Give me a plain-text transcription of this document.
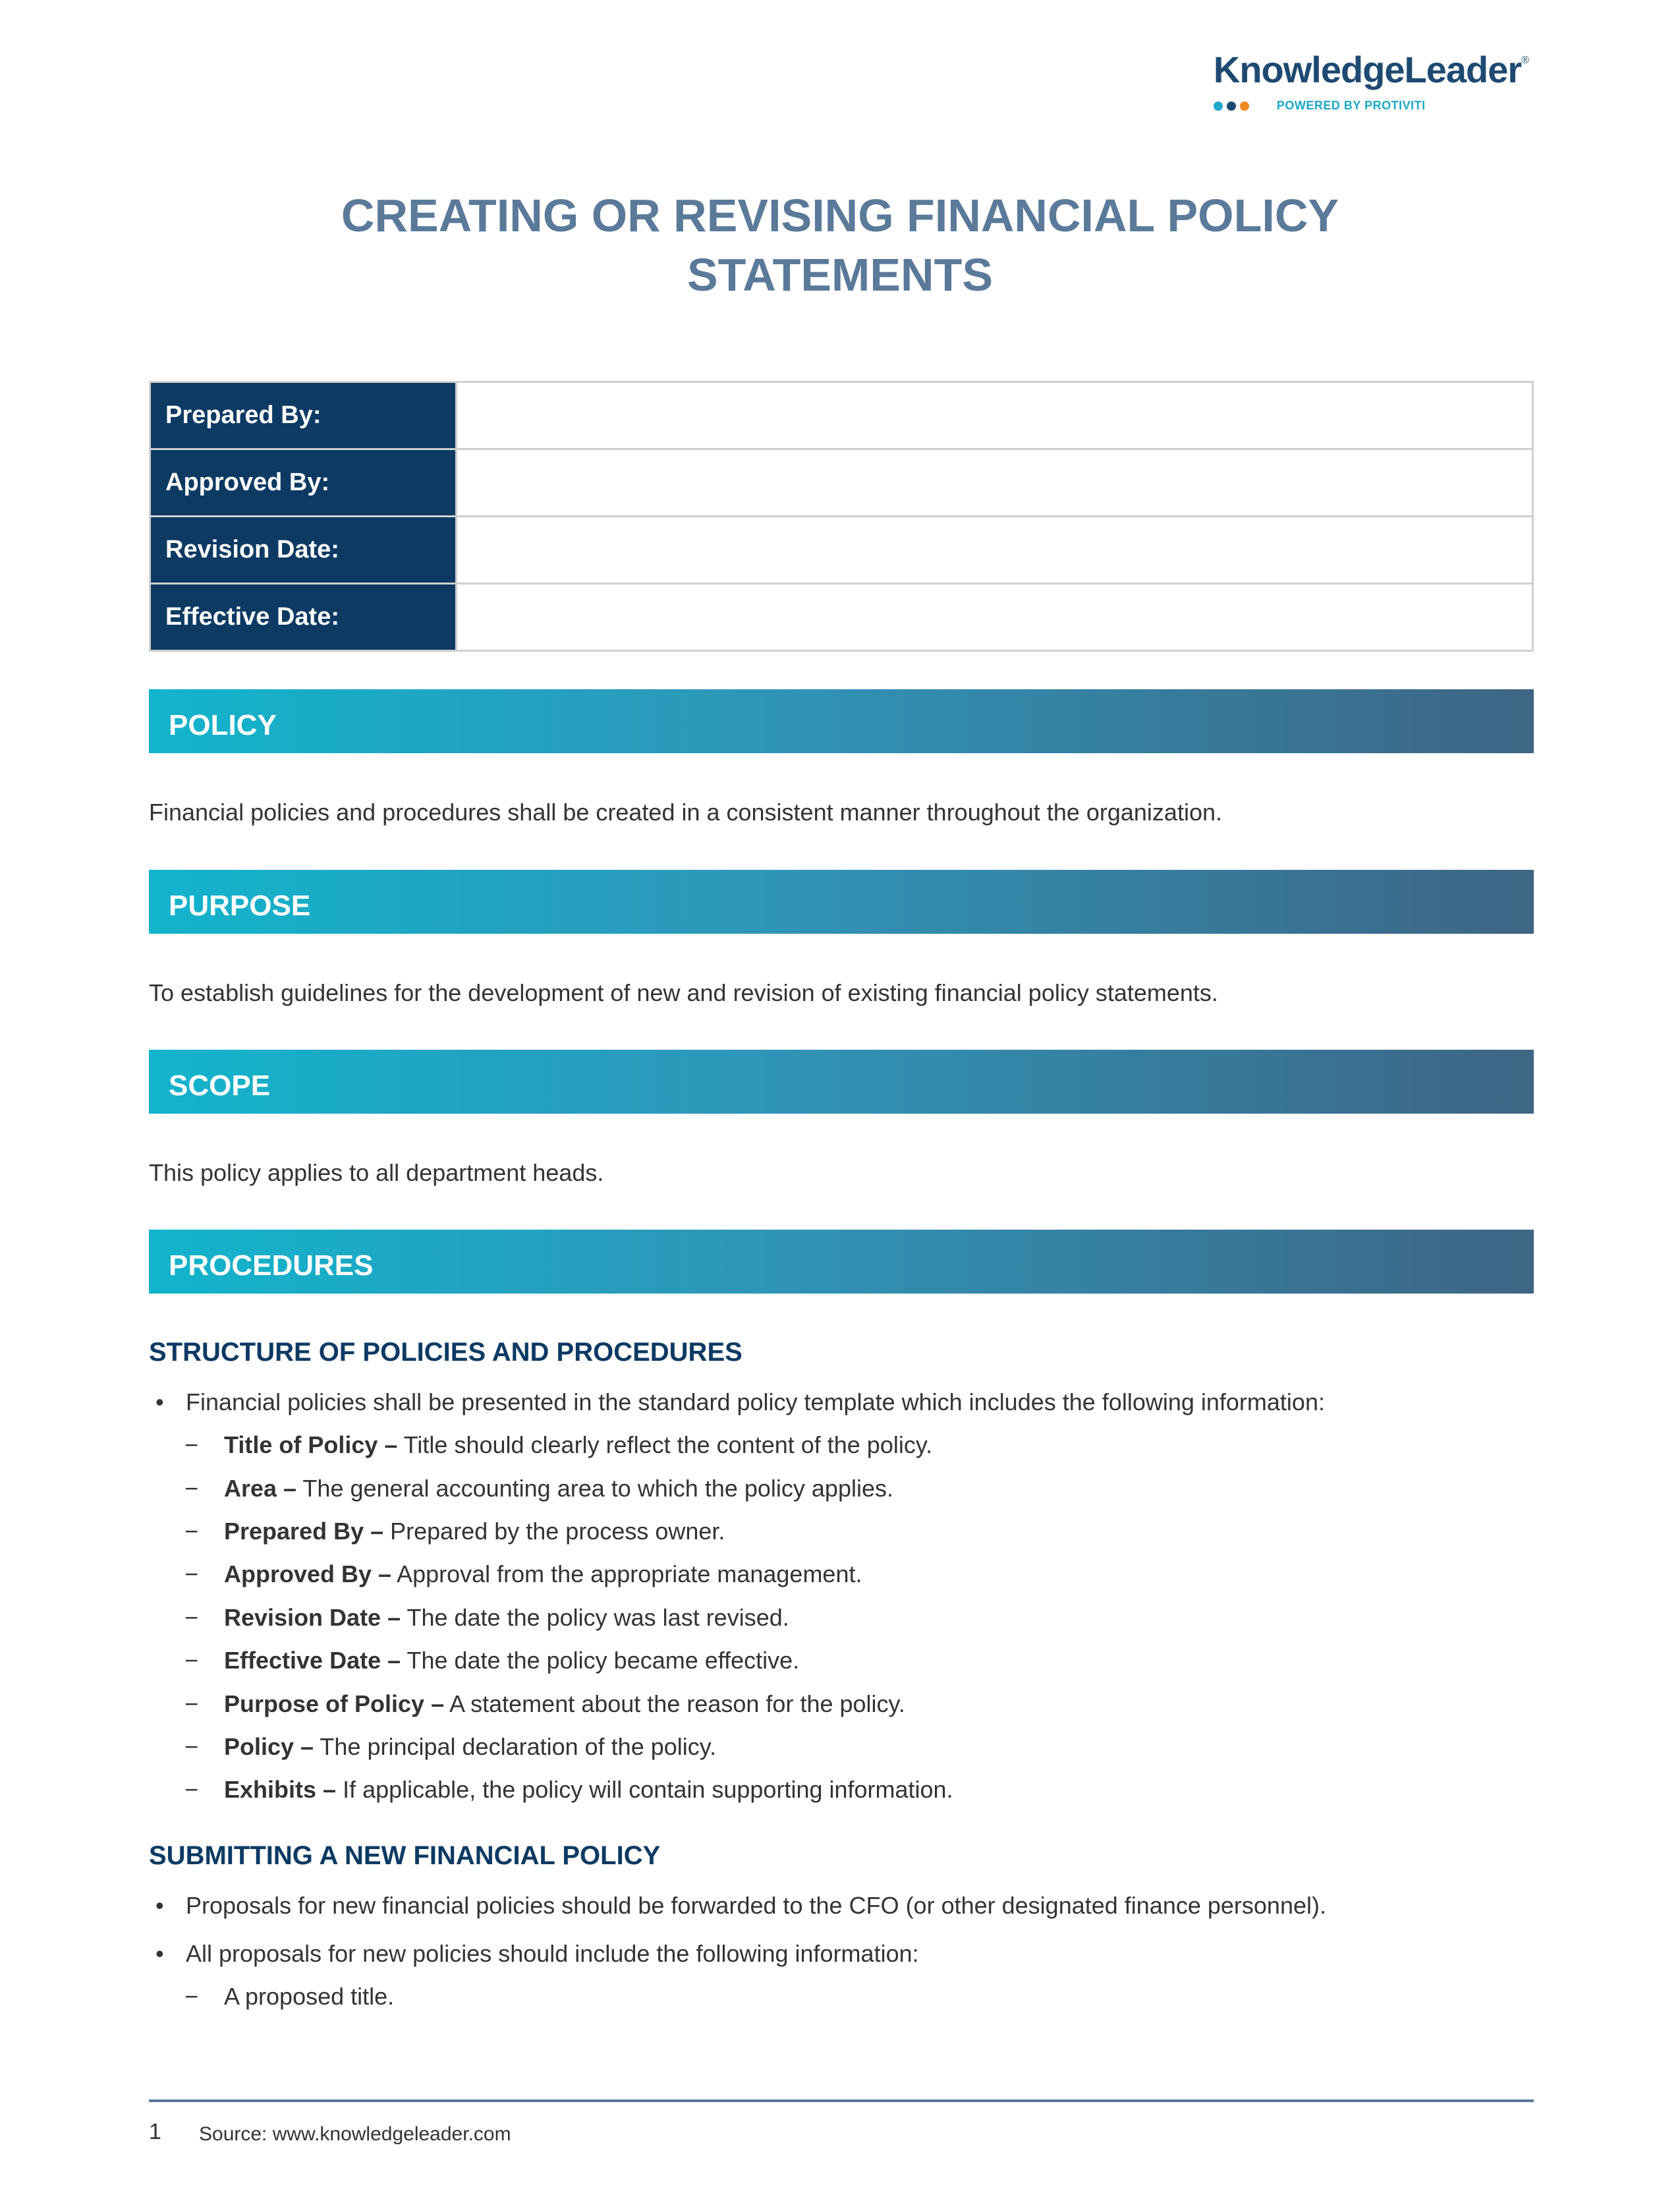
KnowledgeLeader®
POWERED BY PROTIVITI
CREATING OR REVISING FINANCIAL POLICY
STATEMENTS
Prepared By:	
Approved By:	
Revision Date:	
Effective Date:	
POLICY
Financial policies and procedures shall be created in a consistent manner throughout the organization.
PURPOSE
To establish guidelines for the development of new and revision of existing financial policy statements.
SCOPE
This policy applies to all department heads.
PROCEDURES
STRUCTURE OF POLICIES AND PROCEDURES
• Financial policies shall be presented in the standard policy template which includes the following information:
− Title of Policy – Title should clearly reflect the content of the policy.
− Area – The general accounting area to which the policy applies.
− Prepared By – Prepared by the process owner.
− Approved By – Approval from the appropriate management.
− Revision Date – The date the policy was last revised.
− Effective Date – The date the policy became effective.
− Purpose of Policy – A statement about the reason for the policy.
− Policy – The principal declaration of the policy.
− Exhibits – If applicable, the policy will contain supporting information.
SUBMITTING A NEW FINANCIAL POLICY
• Proposals for new financial policies should be forwarded to the CFO (or other designated finance personnel).
• All proposals for new policies should include the following information:
− A proposed title.
1 Source: www.knowledgeleader.com
